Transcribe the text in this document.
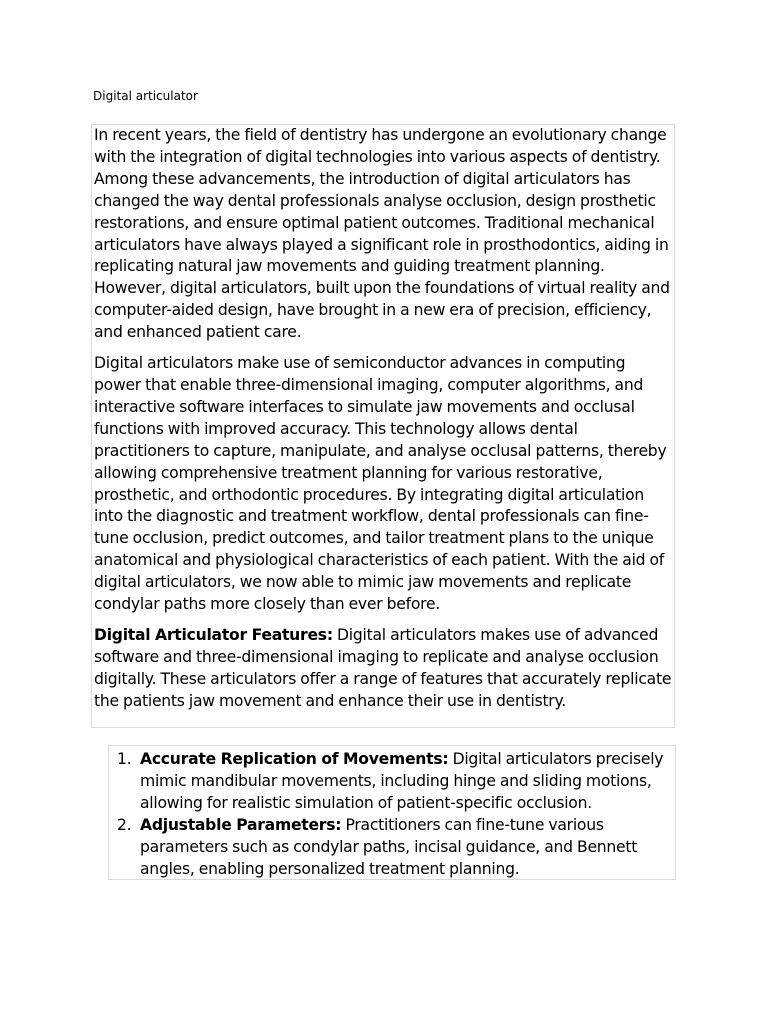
Digital articulator

In recent years, the field of dentistry has undergone an evolutionary change with the integration of digital technologies into various aspects of dentistry. Among these advancements, the introduction of digital articulators has changed the way dental professionals analyse occlusion, design prosthetic restorations, and ensure optimal patient outcomes. Traditional mechanical articulators have always played a significant role in prosthodontics, aiding in replicating natural jaw movements and guiding treatment planning. However, digital articulators, built upon the foundations of virtual reality and computer-aided design, have brought in a new era of precision, efficiency, and enhanced patient care.

Digital articulators make use of semiconductor advances in computing power that enable three-dimensional imaging, computer algorithms, and interactive software interfaces to simulate jaw movements and occlusal functions with improved accuracy. This technology allows dental practitioners to capture, manipulate, and analyse occlusal patterns, thereby allowing comprehensive treatment planning for various restorative, prosthetic, and orthodontic procedures. By integrating digital articulation into the diagnostic and treatment workflow, dental professionals can fine-tune occlusion, predict outcomes, and tailor treatment plans to the unique anatomical and physiological characteristics of each patient. With the aid of digital articulators, we now able to mimic jaw movements and replicate condylar paths more closely than ever before.

Digital Articulator Features: Digital articulators makes use of advanced software and three-dimensional imaging to replicate and analyse occlusion digitally. These articulators offer a range of features that accurately replicate the patients jaw movement and enhance their use in dentistry.

1. Accurate Replication of Movements: Digital articulators precisely mimic mandibular movements, including hinge and sliding motions, allowing for realistic simulation of patient-specific occlusion.
2. Adjustable Parameters: Practitioners can fine-tune various parameters such as condylar paths, incisal guidance, and Bennett angles, enabling personalized treatment planning.
